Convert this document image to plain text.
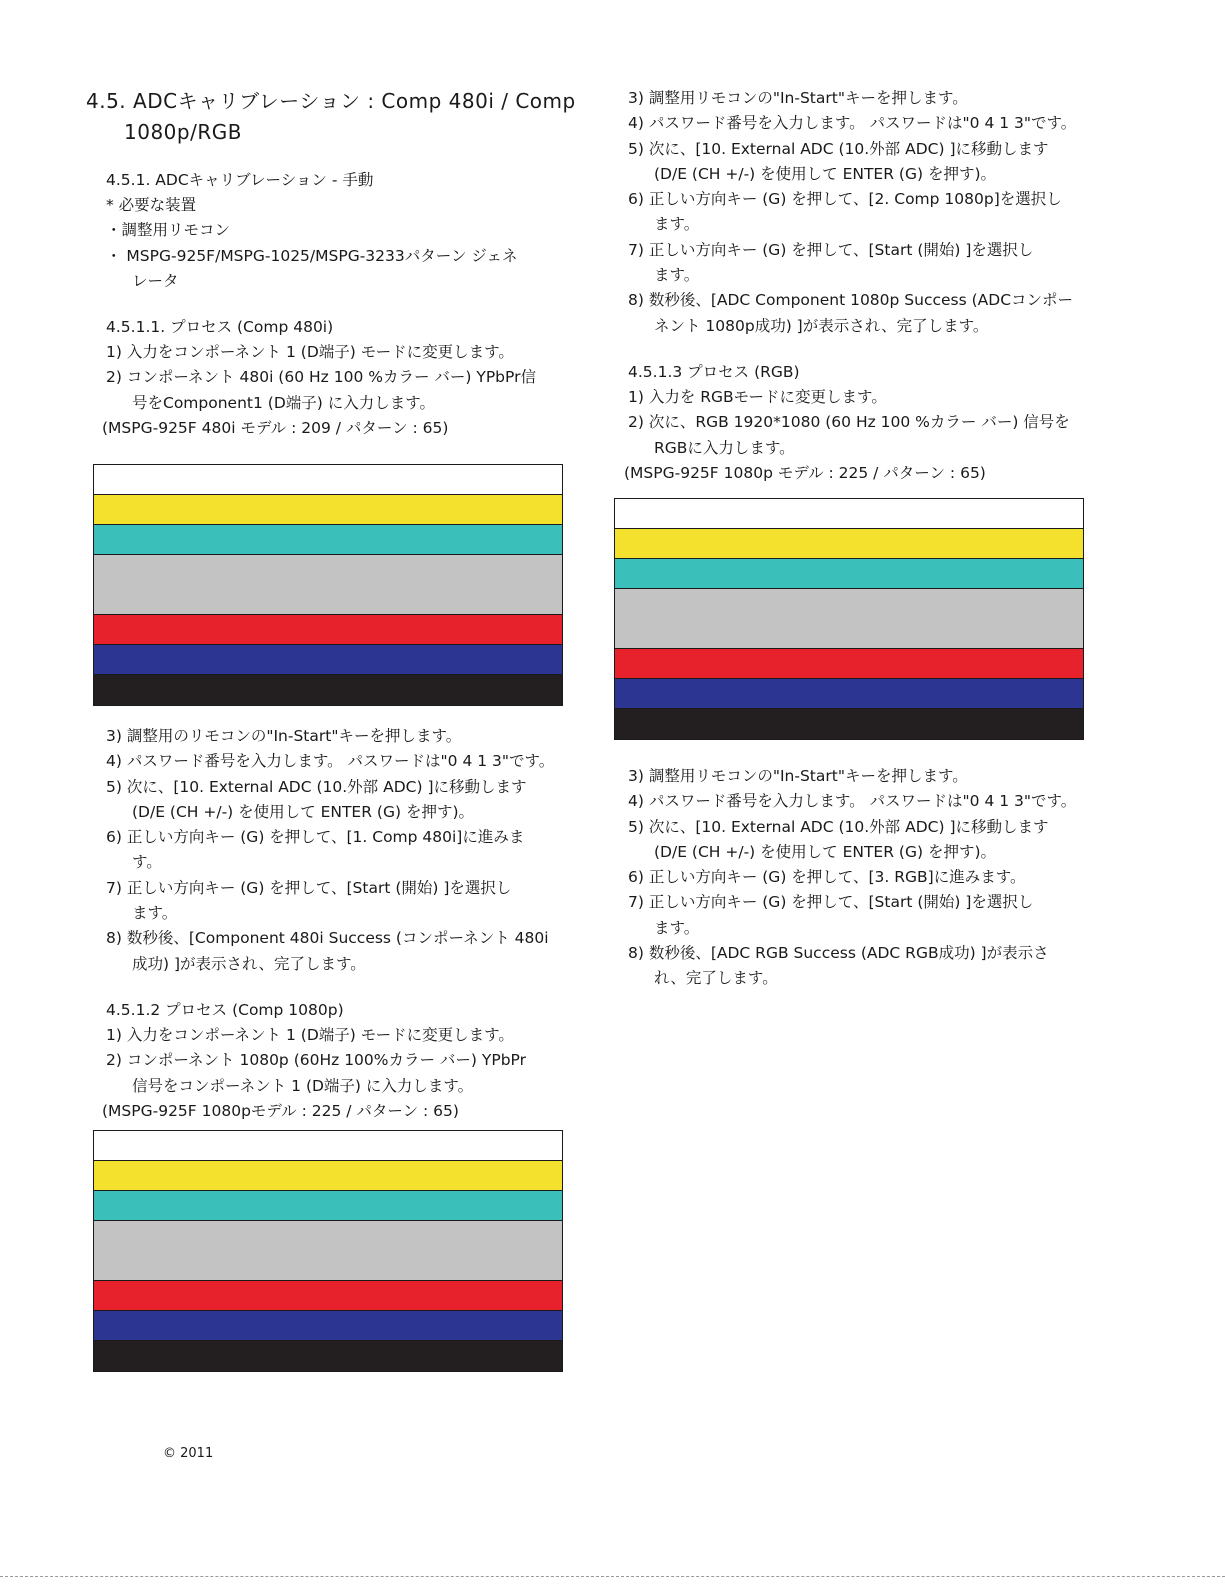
4.5. ADCキャリブレーション : Comp 480i / Comp
1080p/RGB
4.5.1. ADCキャリブレーション - 手動

* 必要な装置

・調整用リモコン

・ MSPG-925F/MSPG-1025/MSPG-3233パターン ジェネ

レータ

4.5.1.1. プロセス (Comp 480i)

1) 入力をコンポーネント 1 (D端子) モードに変更します。

2) コンポーネント 480i (60 Hz 100 %カラー バー) YPbPr信

号をComponent1 (D端子) に入力します。

(MSPG-925F 480i モデル : 209 / パターン : 65)

3) 調整用のリモコンの"In-Start"キーを押します。

4) パスワード番号を入力します。 パスワードは"0 4 1 3"です。

5) 次に、[10. External ADC (10.外部 ADC) ]に移動します

(D/E (CH +/-) を使用して ENTER (G) を押す)。

6) 正しい方向キー (G) を押して、[1. Comp 480i]に進みま

す。

7) 正しい方向キー (G) を押して、[Start (開始) ]を選択し

ます。

8) 数秒後、[Component 480i Success (コンポーネント 480i

成功) ]が表示され、完了します。

4.5.1.2 プロセス (Comp 1080p)

1) 入力をコンポーネント 1 (D端子) モードに変更します。

2) コンポーネント 1080p (60Hz 100%カラー バー) YPbPr

信号をコンポーネント 1 (D端子) に入力します。

(MSPG-925F 1080pモデル : 225 / パターン : 65)

3) 調整用リモコンの"In-Start"キーを押します。

4) パスワード番号を入力します。 パスワードは"0 4 1 3"です。

5) 次に、[10. External ADC (10.外部 ADC) ]に移動します

(D/E (CH +/-) を使用して ENTER (G) を押す)。

6) 正しい方向キー (G) を押して、[2. Comp 1080p]を選択し

ます。

7) 正しい方向キー (G) を押して、[Start (開始) ]を選択し

ます。

8) 数秒後、[ADC Component 1080p Success (ADCコンポー

ネント 1080p成功) ]が表示され、完了します。

4.5.1.3 プロセス (RGB)

1) 入力を RGBモードに変更します。

2) 次に、RGB 1920*1080 (60 Hz 100 %カラー バー) 信号を

RGBに入力します。

(MSPG-925F 1080p モデル : 225 / パターン : 65)

3) 調整用リモコンの"In-Start"キーを押します。

4) パスワード番号を入力します。 パスワードは"0 4 1 3"です。

5) 次に、[10. External ADC (10.外部 ADC) ]に移動します

(D/E (CH +/-) を使用して ENTER (G) を押す)。

6) 正しい方向キー (G) を押して、[3. RGB]に進みます。

7) 正しい方向キー (G) を押して、[Start (開始) ]を選択し

ます。

8) 数秒後、[ADC RGB Success (ADC RGB成功) ]が表示さ

れ、完了します。

© 2011
